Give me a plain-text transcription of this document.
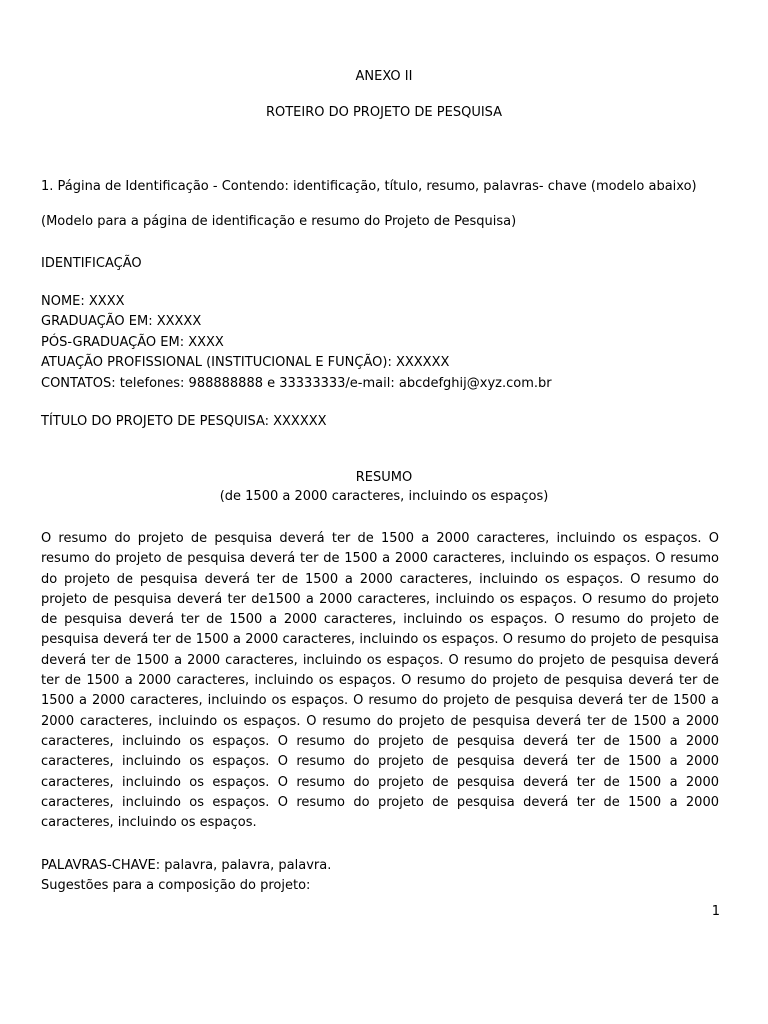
ANEXO II
ROTEIRO DO PROJETO DE PESQUISA
1. Página de Identificação - Contendo: identificação, título, resumo, palavras- chave (modelo abaixo)
(Modelo para a página de identificação e resumo do Projeto de Pesquisa)
IDENTIFICAÇÃO
NOME: XXXX
GRADUAÇÃO EM: XXXXX
PÓS-GRADUAÇÃO EM: XXXX
ATUAÇÃO PROFISSIONAL (INSTITUCIONAL E FUNÇÃO): XXXXXX
CONTATOS: telefones: 988888888 e 33333333/e-mail: abcdefghij@xyz.com.br
TÍTULO DO PROJETO DE PESQUISA: XXXXXX
RESUMO
(de 1500 a 2000 caracteres, incluindo os espaços)

O resumo do projeto de pesquisa deverá ter de 1500 a 2000 caracteres, incluindo os espaços. O resumo do projeto de pesquisa deverá ter de 1500 a 2000 caracteres, incluindo os espaços. O resumo do projeto de pesquisa deverá ter de 1500 a 2000 caracteres, incluindo os espaços. O resumo do projeto de pesquisa deverá ter de1500 a 2000 caracteres, incluindo os espaços. O resumo do projeto de pesquisa deverá ter de 1500 a 2000 caracteres, incluindo os espaços. O resumo do projeto de pesquisa deverá ter de 1500 a 2000 caracteres, incluindo os espaços. O resumo do projeto de pesquisa deverá ter de 1500 a 2000 caracteres, incluindo os espaços. O resumo do projeto de pesquisa deverá ter de 1500 a 2000 caracteres, incluindo os espaços. O resumo do projeto de pesquisa deverá ter de 1500 a 2000 caracteres, incluindo os espaços. O resumo do projeto de pesquisa deverá ter de 1500 a 2000 caracteres, incluindo os espaços. O resumo do projeto de pesquisa deverá ter de 1500 a 2000 caracteres, incluindo os espaços. O resumo do projeto de pesquisa deverá ter de 1500 a 2000 caracteres, incluindo os espaços. O resumo do projeto de pesquisa deverá ter de 1500 a 2000 caracteres, incluindo os espaços. O resumo do projeto de pesquisa deverá ter de 1500 a 2000 caracteres, incluindo os espaços. O resumo do projeto de pesquisa deverá ter de 1500 a 2000 caracteres, incluindo os espaços.

PALAVRAS-CHAVE: palavra, palavra, palavra.
Sugestões para a composição do projeto:
1
